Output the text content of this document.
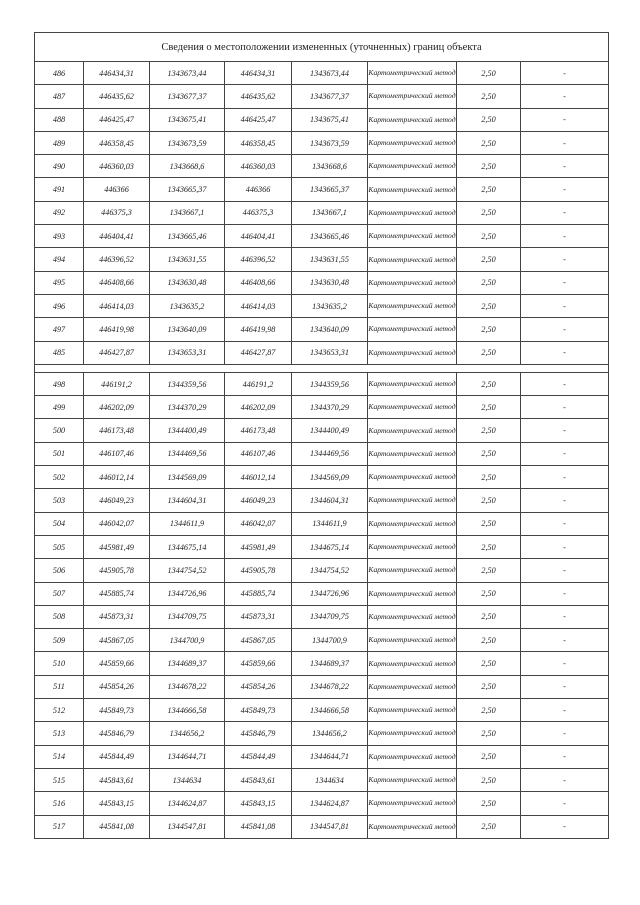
Сведения о местоположении измененных (уточненных) границ объекта							
486	446434,31	1343673,44	446434,31	1343673,44	Картометрический метод	2,50	-
487	446435,62	1343677,37	446435,62	1343677,37	Картометрический метод	2,50	-
488	446425,47	1343675,41	446425,47	1343675,41	Картометрический метод	2,50	-
489	446358,45	1343673,59	446358,45	1343673,59	Картометрический метод	2,50	-
490	446360,03	1343668,6	446360,03	1343668,6	Картометрический метод	2,50	-
491	446366	1343665,37	446366	1343665,37	Картометрический метод	2,50	-
492	446375,3	1343667,1	446375,3	1343667,1	Картометрический метод	2,50	-
493	446404,41	1343665,46	446404,41	1343665,46	Картометрический метод	2,50	-
494	446396,52	1343631,55	446396,52	1343631,55	Картометрический метод	2,50	-
495	446408,66	1343630,48	446408,66	1343630,48	Картометрический метод	2,50	-
496	446414,03	1343635,2	446414,03	1343635,2	Картометрический метод	2,50	-
497	446419,98	1343640,09	446419,98	1343640,09	Картометрический метод	2,50	-
485	446427,87	1343653,31	446427,87	1343653,31	Картометрический метод	2,50	-

498	446191,2	1344359,56	446191,2	1344359,56	Картометрический метод	2,50	-
499	446202,09	1344370,29	446202,09	1344370,29	Картометрический метод	2,50	-
500	446173,48	1344400,49	446173,48	1344400,49	Картометрический метод	2,50	-
501	446107,46	1344469,56	446107,46	1344469,56	Картометрический метод	2,50	-
502	446012,14	1344569,09	446012,14	1344569,09	Картометрический метод	2,50	-
503	446049,23	1344604,31	446049,23	1344604,31	Картометрический метод	2,50	-
504	446042,07	1344611,9	446042,07	1344611,9	Картометрический метод	2,50	-
505	445981,49	1344675,14	445981,49	1344675,14	Картометрический метод	2,50	-
506	445905,78	1344754,52	445905,78	1344754,52	Картометрический метод	2,50	-
507	445885,74	1344726,96	445885,74	1344726,96	Картометрический метод	2,50	-
508	445873,31	1344709,75	445873,31	1344709,75	Картометрический метод	2,50	-
509	445867,05	1344700,9	445867,05	1344700,9	Картометрический метод	2,50	-
510	445859,66	1344689,37	445859,66	1344689,37	Картометрический метод	2,50	-
511	445854,26	1344678,22	445854,26	1344678,22	Картометрический метод	2,50	-
512	445849,73	1344666,58	445849,73	1344666,58	Картометрический метод	2,50	-
513	445846,79	1344656,2	445846,79	1344656,2	Картометрический метод	2,50	-
514	445844,49	1344644,71	445844,49	1344644,71	Картометрический метод	2,50	-
515	445843,61	1344634	445843,61	1344634	Картометрический метод	2,50	-
516	445843,15	1344624,87	445843,15	1344624,87	Картометрический метод	2,50	-
517	445841,08	1344547,81	445841,08	1344547,81	Картометрический метод	2,50	-
